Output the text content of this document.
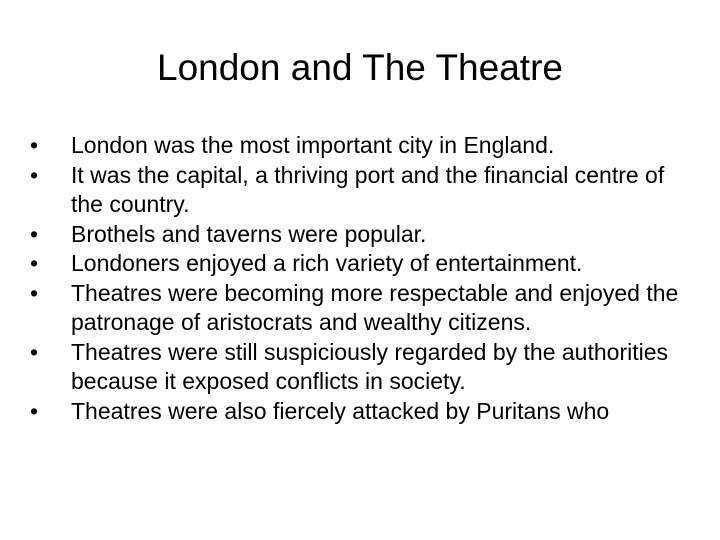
London and The Theatre
•	London was the most important city in England.
•	It was the capital, a thriving port and the financial centre of the country.
•	Brothels and taverns were popular.
•	Londoners enjoyed a rich variety of entertainment.
•	Theatres were becoming more respectable and enjoyed the patronage of aristocrats and wealthy citizens.
•	Theatres were still suspiciously regarded by the authorities because it exposed conflicts in society.
•	Theatres were also fiercely attacked by Puritans who
